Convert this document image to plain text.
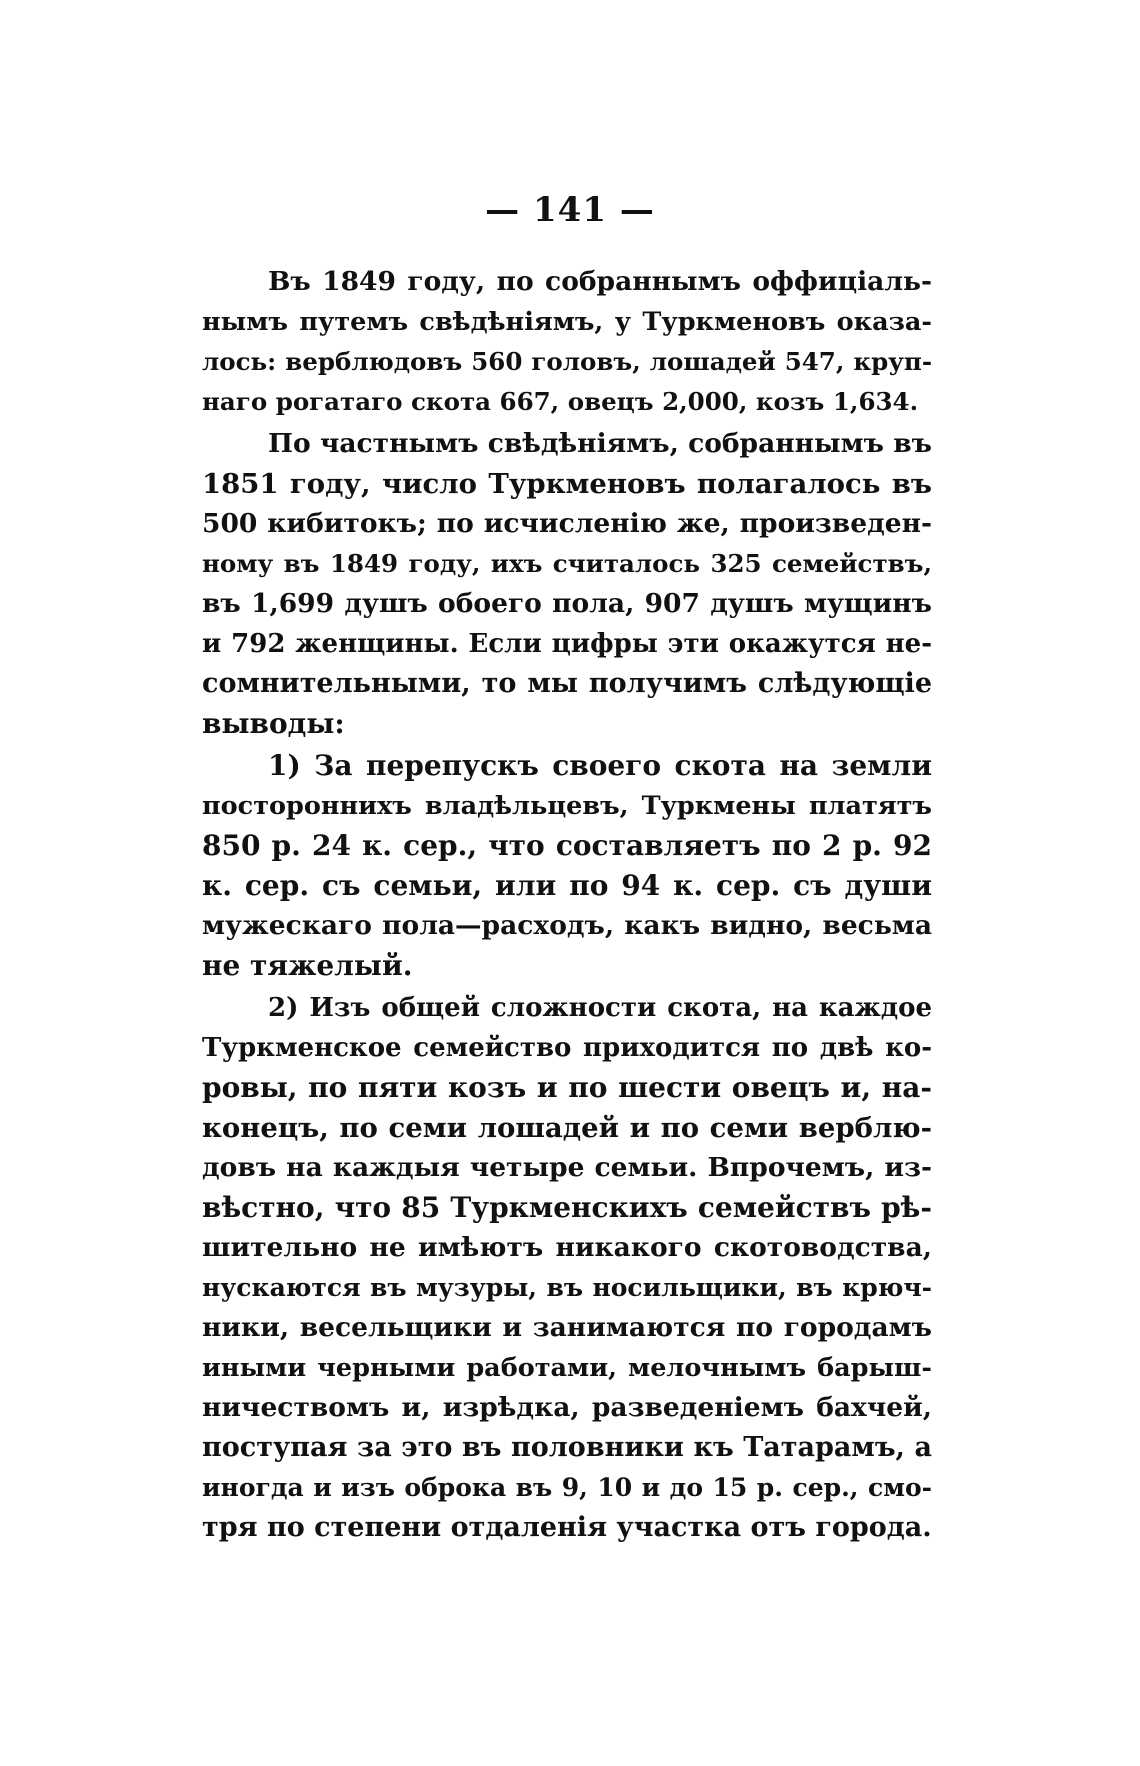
— 141 —
Въ 1849 году, по собраннымъ оффиціаль-
нымъ путемъ свѣдѣніямъ, у Туркменовъ оказа-
лось: верблюдовъ 560 головъ, лошадей 547, круп-
наго рогатаго скота 667, овецъ 2,000, козъ 1,634.
По частнымъ свѣдѣніямъ, собраннымъ въ
1851 году, число Туркменовъ полагалось въ
500 кибитокъ; по исчисленію же, произведен-
ному въ 1849 году, ихъ считалось 325 семействъ,
въ 1,699 душъ обоего пола, 907 душъ мущинъ
и 792 женщины. Если цифры эти окажутся не-
сомнительными, то мы получимъ слѣдующіе
выводы:
1) За перепускъ своего скота на земли
постороннихъ владѣльцевъ, Туркмены платятъ
850 р. 24 к. сер., что составляетъ по 2 р. 92
к. сер. съ семьи, или по 94 к. сер. съ души
мужескаго пола—расходъ, какъ видно, весьма
не тяжелый.
2) Изъ общей сложности скота, на каждое
Туркменское семейство приходится по двѣ ко-
ровы, по пяти козъ и по шести овецъ и, на-
конецъ, по семи лошадей и по семи верблю-
довъ на каждыя четыре семьи. Впрочемъ, из-
вѣстно, что 85 Туркменскихъ семействъ рѣ-
шительно не имѣютъ никакого скотоводства,
нускаются въ музуры, въ носильщики, въ крюч-
ники, весельщики и занимаются по городамъ
иными черными работами, мелочнымъ барыш-
ничествомъ и, изрѣдка, разведеніемъ бахчей,
поступая за это въ половники къ Татарамъ, а
иногда и изъ оброка въ 9, 10 и до 15 р. сер., смо-
тря по степени отдаленія участка отъ города.
